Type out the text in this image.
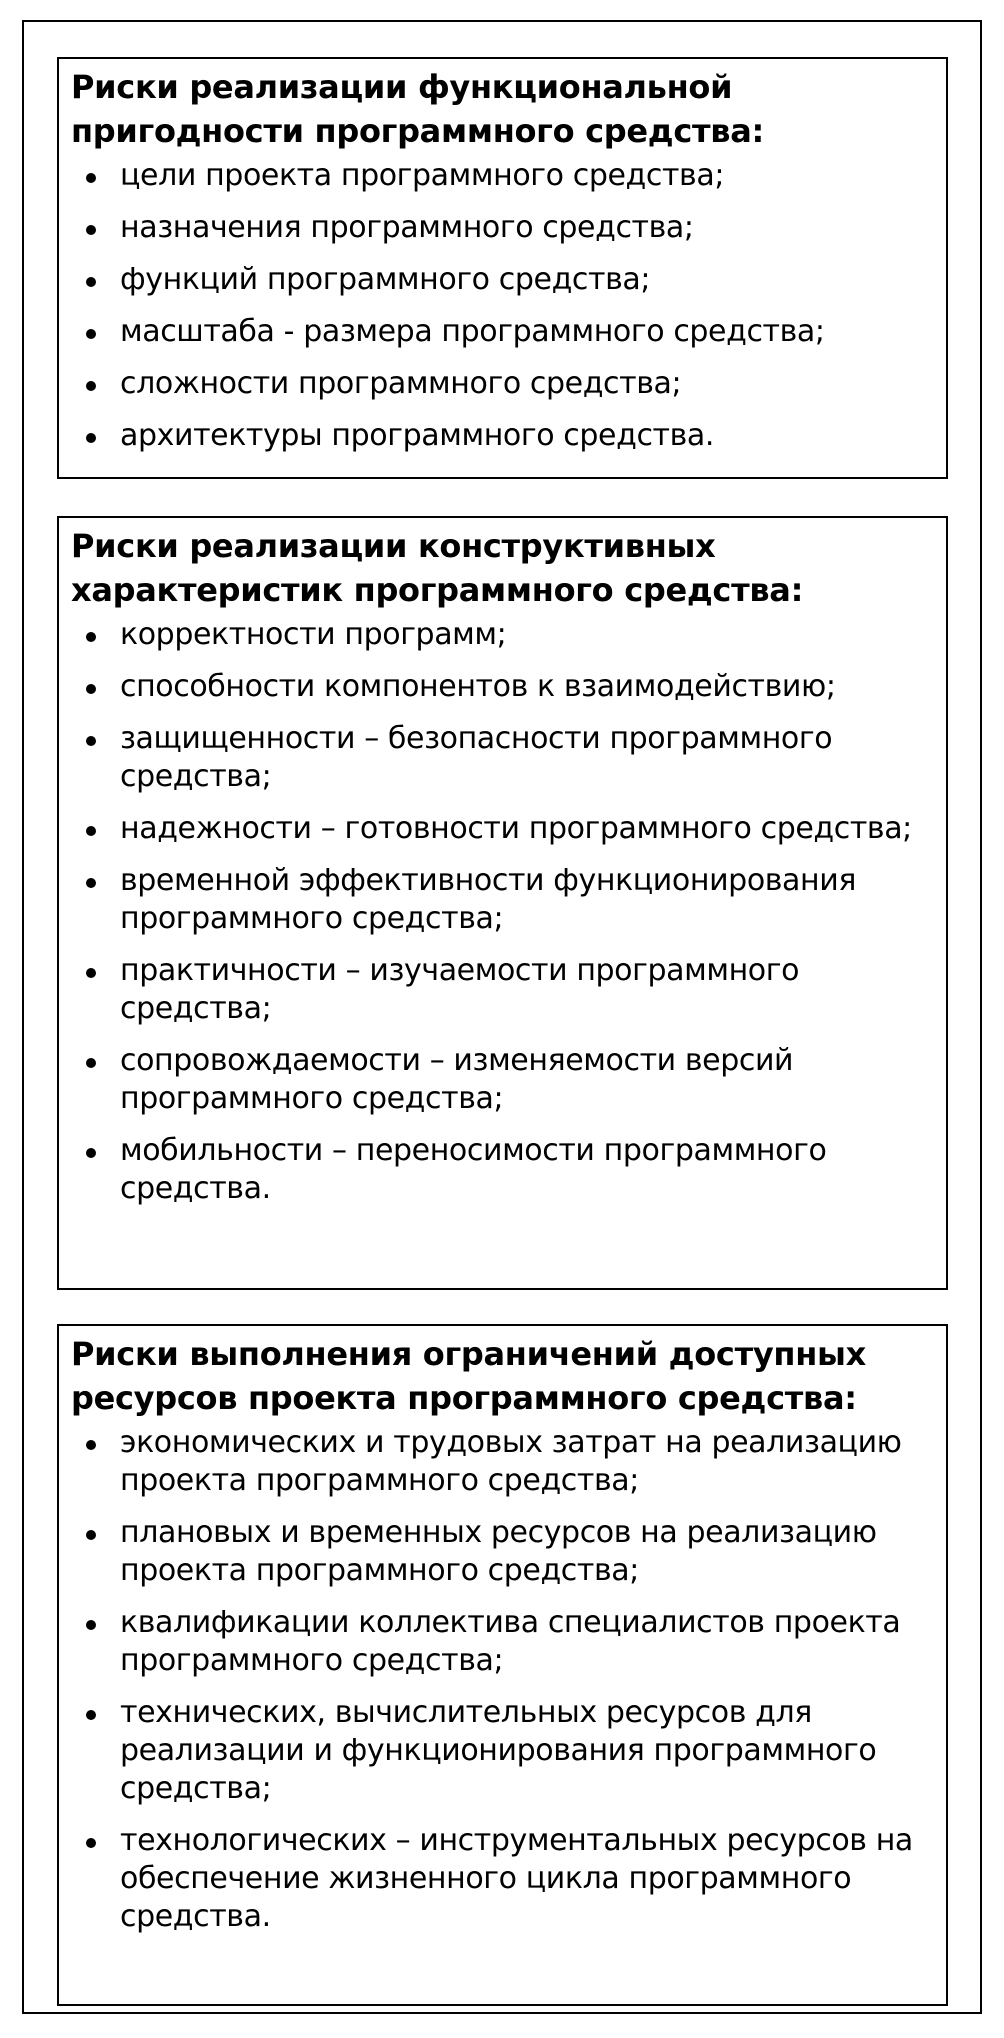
Риски реализации функциональной пригодности программного средства:
цели проекта программного средства;
назначения программного средства;
функций программного средства;
масштаба - размера программного средства;
сложности программного средства;
архитектуры программного средства.
Риски реализации конструктивных характеристик программного средства:
корректности программ;
способности компонентов к взаимодействию;
защищенности – безопасности программного средства;
надежности – готовности программного средства;
временной эффективности функционирования программного средства;
практичности – изучаемости программного средства;
сопровождаемости – изменяемости версий программного средства;
мобильности – переносимости программного средства.
Риски выполнения ограничений доступных ресурсов проекта программного средства:
экономических и трудовых затрат на реализацию проекта программного средства;
плановых и временных ресурсов на реализацию проекта программного средства;
квалификации коллектива специалистов проекта программного средства;
технических, вычислительных ресурсов для реализации и функционирования программного средства;
технологических – инструментальных ресурсов на обеспечение жизненного цикла программного средства.
